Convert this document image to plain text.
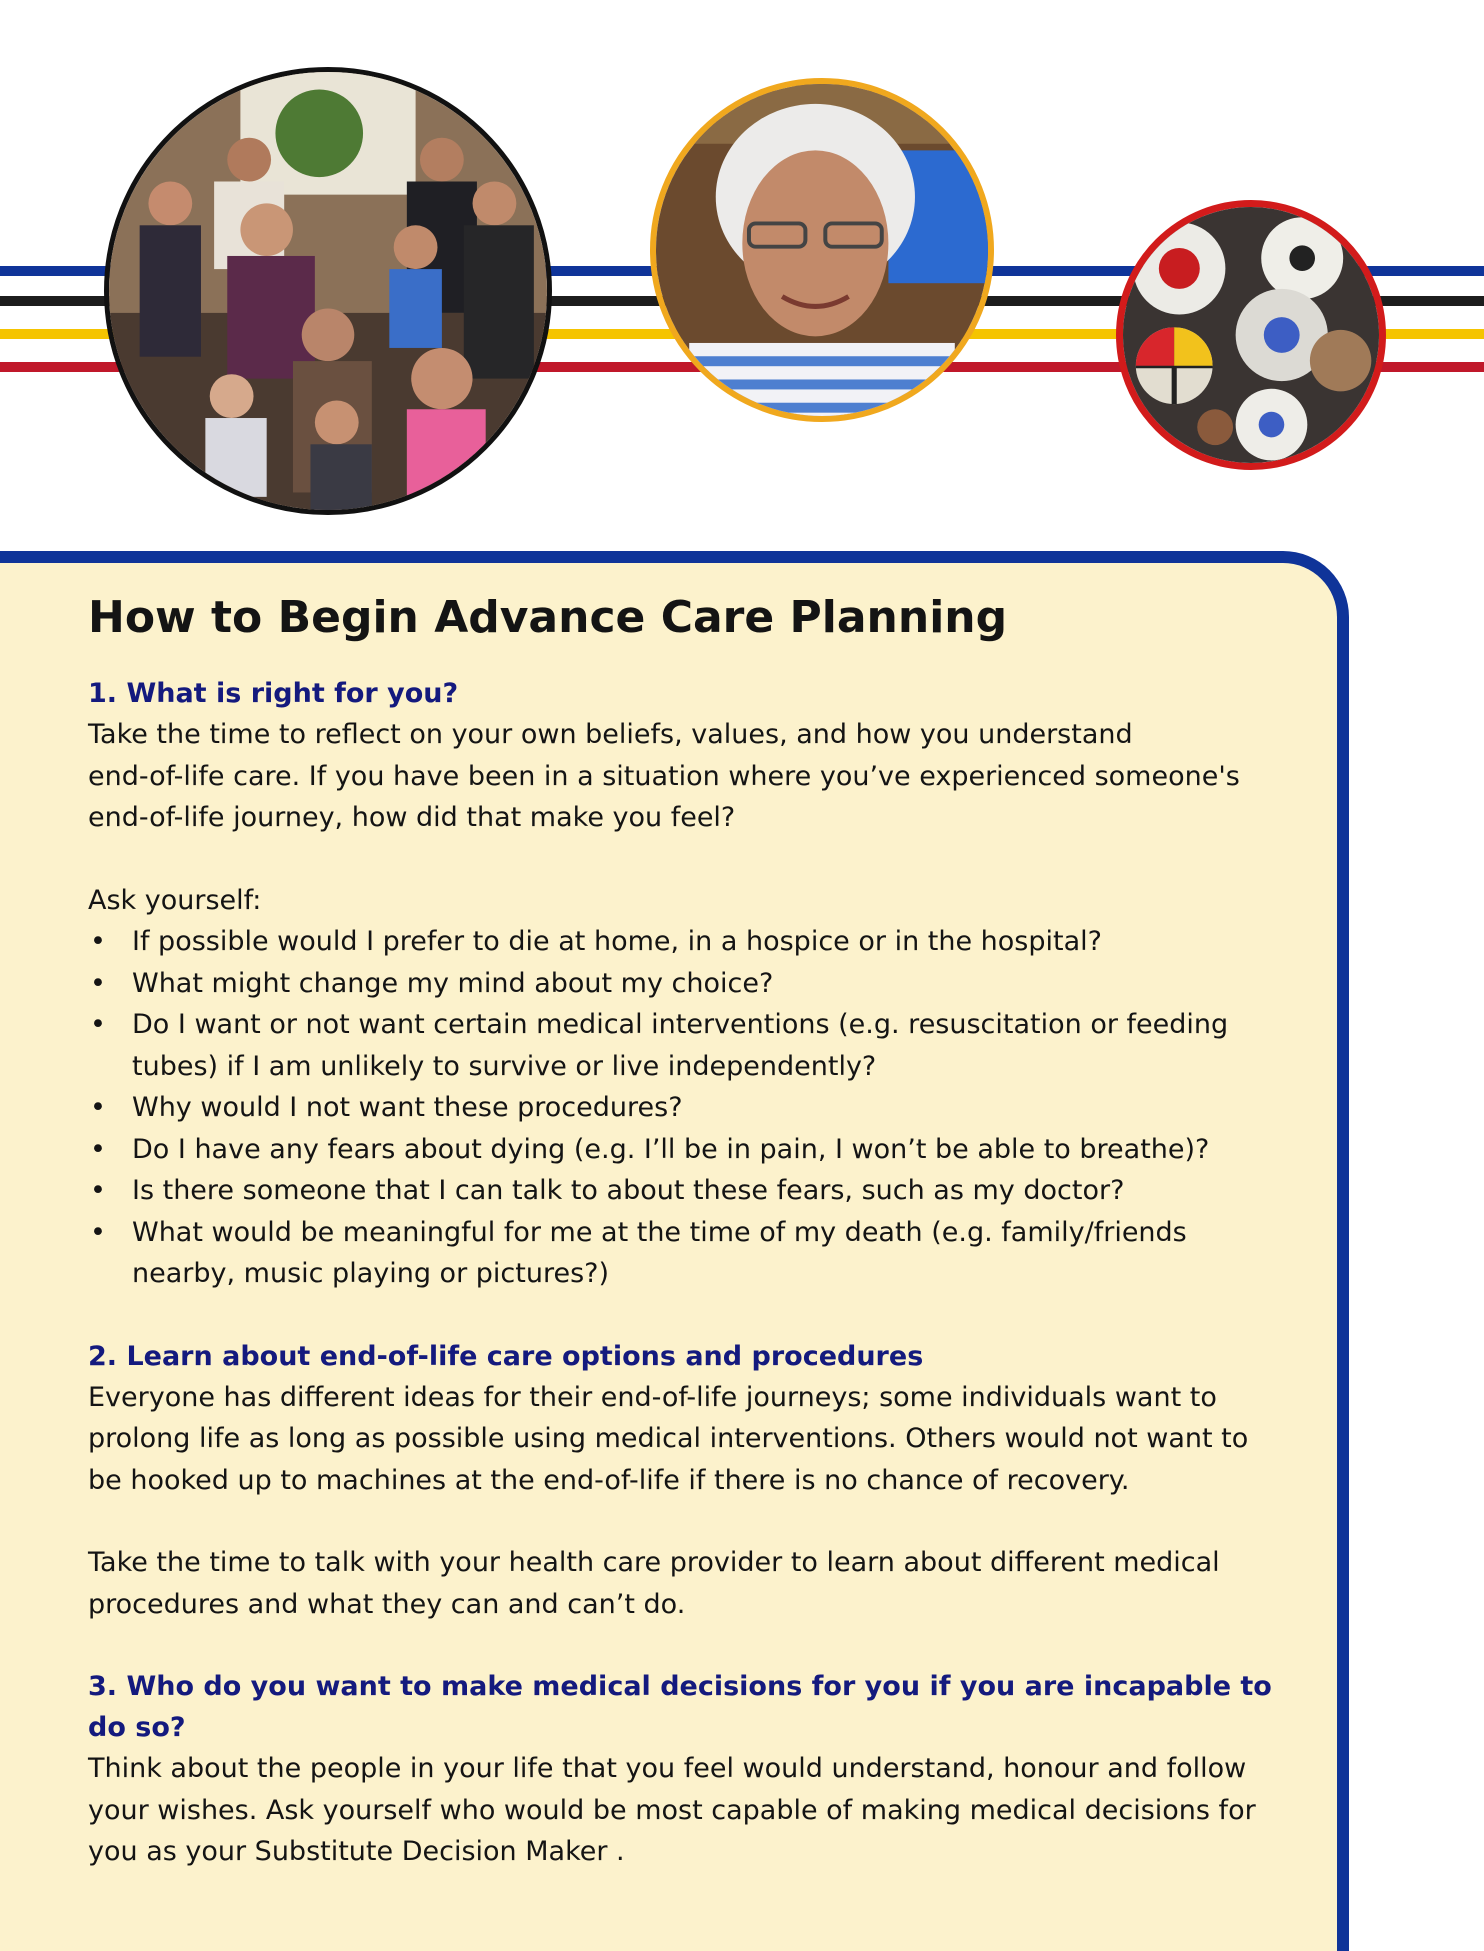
How to Begin Advance Care Planning

1. What is right for you?

Take the time to reflect on your own beliefs, values, and how you understand

end-of-life care. If you have been in a situation where you’ve experienced someone's

end-of-life journey, how did that make you feel?

Ask yourself:

• If possible would I prefer to die at home, in a hospice or in the hospital?
• What might change my mind about my choice?
• Do I want or not want certain medical interventions (e.g. resuscitation or feeding
tubes) if I am unlikely to survive or live independently?
• Why would I not want these procedures?
• Do I have any fears about dying (e.g. I’ll be in pain, I won’t be able to breathe)?
• Is there someone that I can talk to about these fears, such as my doctor?
• What would be meaningful for me at the time of my death (e.g. family/friends
nearby, music playing or pictures?)

2. Learn about end-of-life care options and procedures

Everyone has different ideas for their end-of-life journeys; some individuals want to

prolong life as long as possible using medical interventions. Others would not want to

be hooked up to machines at the end-of-life if there is no chance of recovery.

Take the time to talk with your health care provider to learn about different medical

procedures and what they can and can’t do.

3. Who do you want to make medical decisions for you if you are incapable to do so?

Think about the people in your life that you feel would understand, honour and follow

your wishes. Ask yourself who would be most capable of making medical decisions for

you as your Substitute Decision Maker .
